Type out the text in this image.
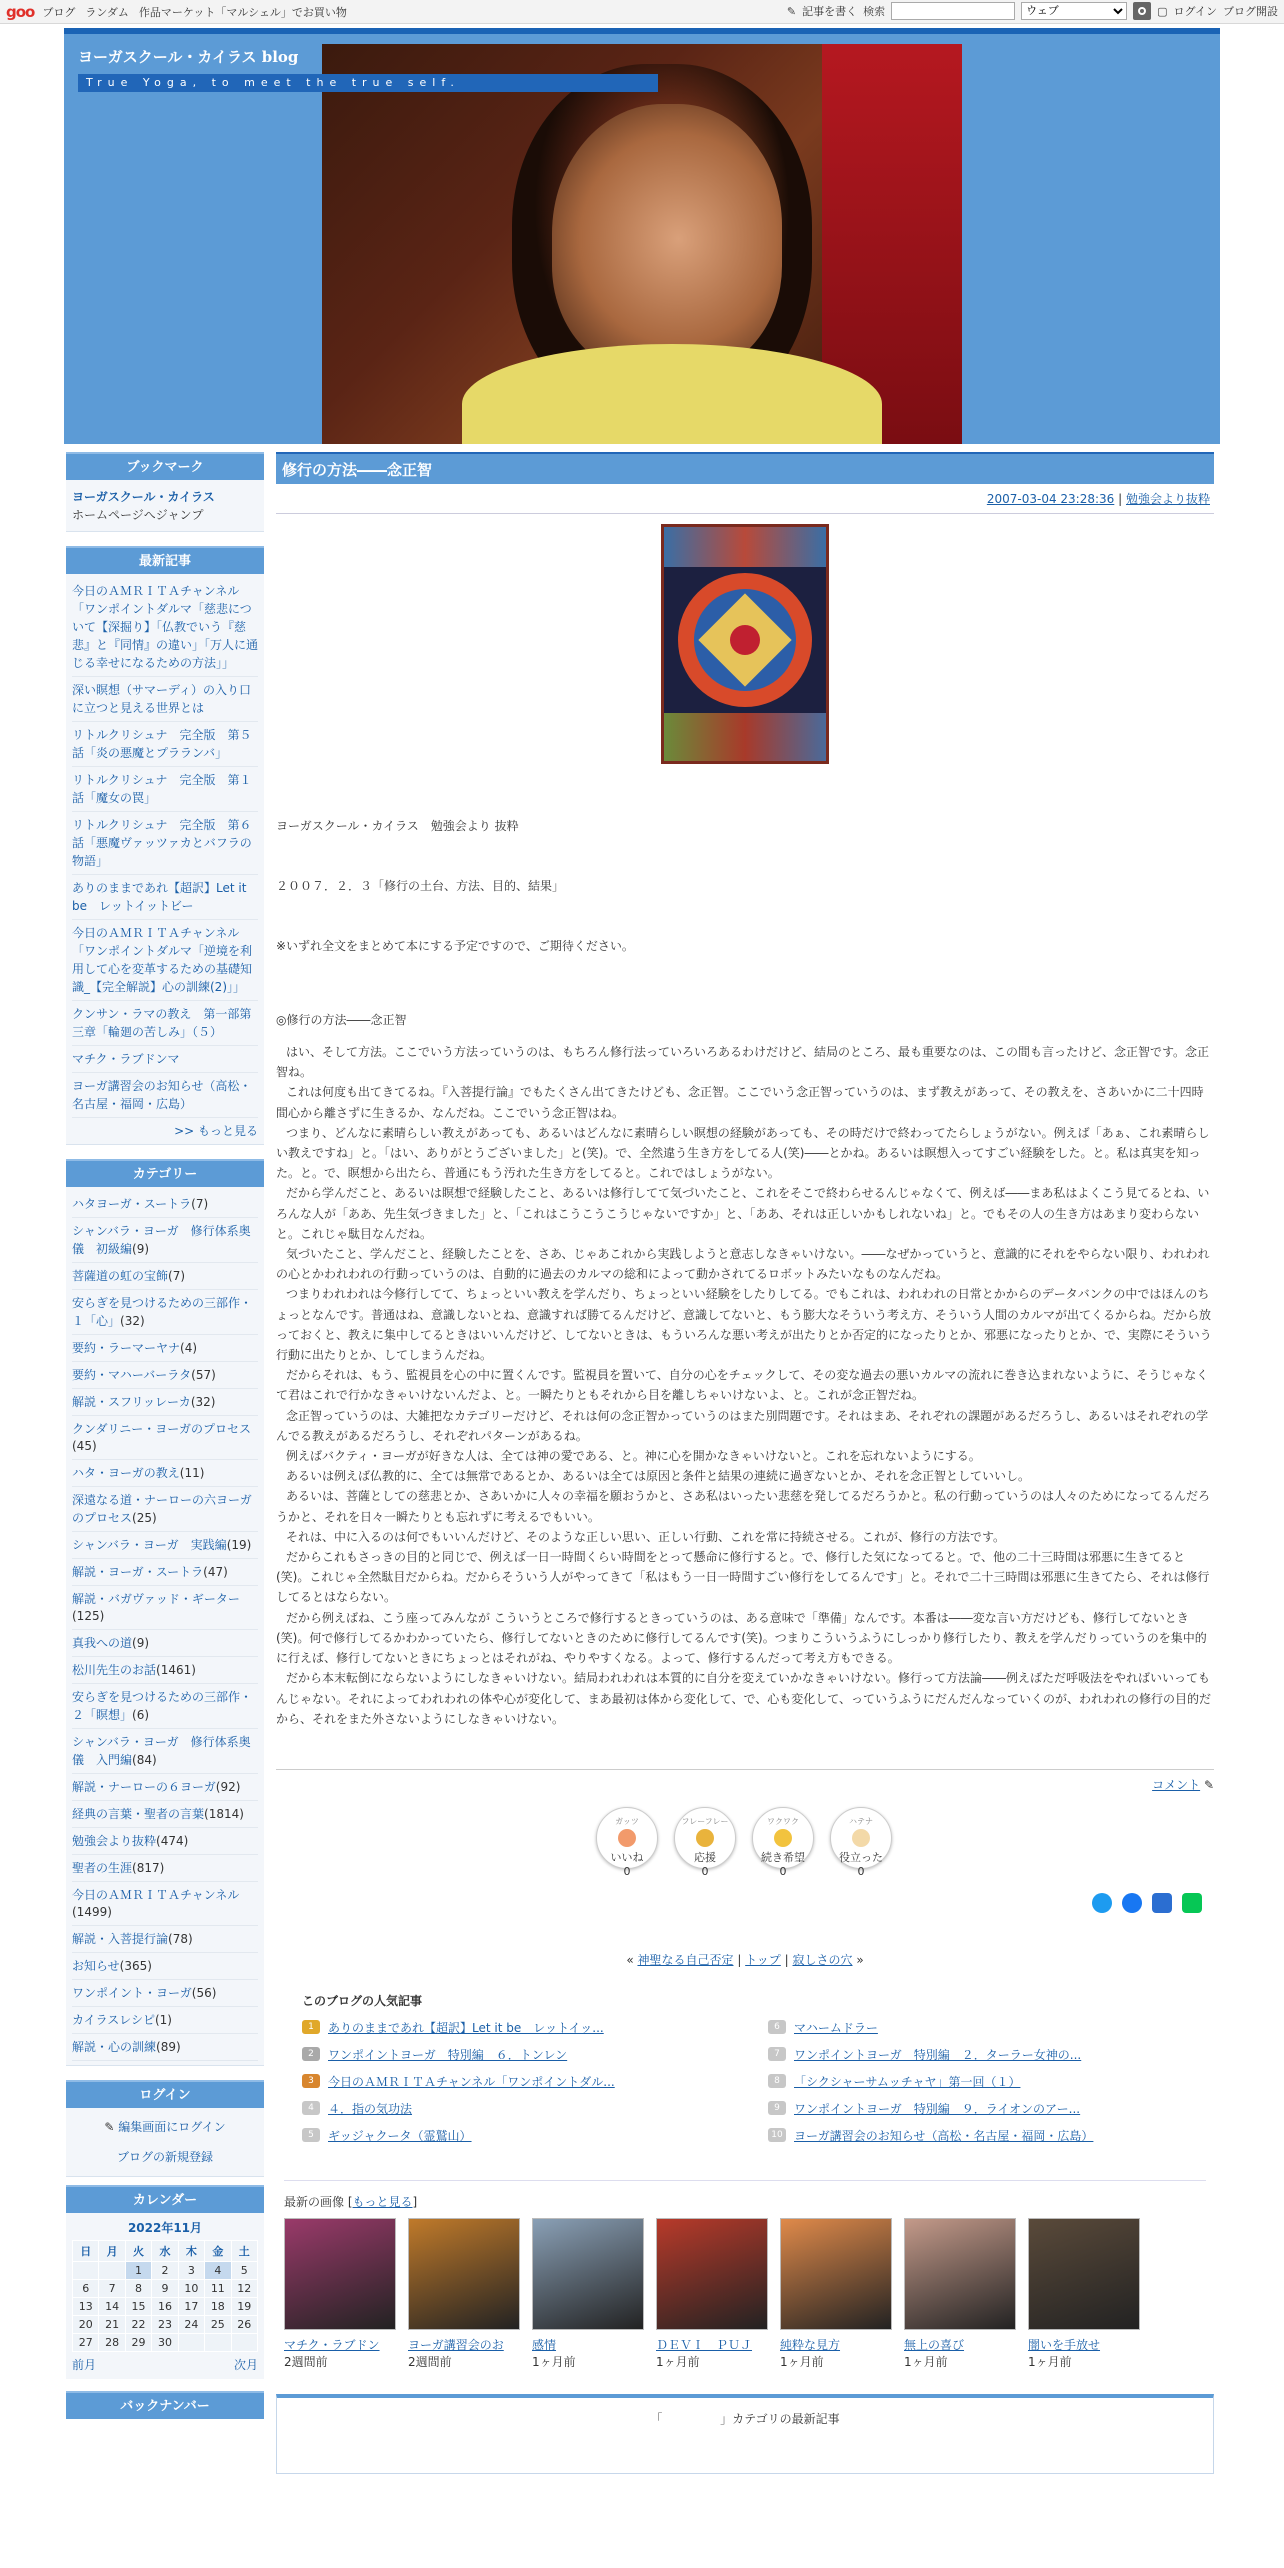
goo ブログ ランダム 作品マーケット「マルシェル」でお買い物	✎ 記事を書く 検索
ウェブ	▢ ログイン ブログ開設
ヨーガスクール・カイラス blog
True Yoga, to meet the true self.
ブックマーク
ヨーガスクール・カイラス
ホームページへジャンプ
最新記事
今日のＡＭＲＩＴＡチャンネル「ワンポイントダルマ「慈悲について【深掘り】「仏教でいう『慈悲』と『同情』の違い」「万人に通じる幸せになるための方法」」
深い瞑想（サマーディ）の入り口に立つと見える世界とは
リトルクリシュナ　完全版　第５話「炎の悪魔とプラランバ」
リトルクリシュナ　完全版　第１話「魔女の罠」
リトルクリシュナ　完全版　第６話「悪魔ヴァッツァカとバフラの物語」
ありのままであれ【超訳】Let it be　レットイットビー
今日のＡＭＲＩＴＡチャンネル「ワンポイントダルマ「逆境を利用して心を変革するための基礎知識_【完全解説】心の訓練(2)」」
クンサン・ラマの教え　第一部第三章「輪廻の苦しみ」（５）
マチク・ラブドンマ
ヨーガ講習会のお知らせ（高松・名古屋・福岡・広島）
>> もっと見る
カテゴリー
ハタヨーガ・スートラ(7)
シャンバラ・ヨーガ　修行体系奥儀　初級編(9)
菩薩道の虹の宝飾(7)
安らぎを見つけるための三部作・１「心」(32)
要約・ラーマーヤナ(4)
要約・マハーバーラタ(57)
解説・スフリッレーカ(32)
クンダリニー・ヨーガのプロセス(45)
ハタ・ヨーガの教え(11)
深遠なる道・ナーローの六ヨーガのプロセス(25)
シャンバラ・ヨーガ　実践編(19)
解説・ヨーガ・スートラ(47)
解説・バガヴァッド・ギーター(125)
真我への道(9)
松川先生のお話(1461)
安らぎを見つけるための三部作・２「瞑想」(6)
シャンバラ・ヨーガ　修行体系奥儀　入門編(84)
解説・ナーローの６ヨーガ(92)
経典の言葉・聖者の言葉(1814)
勉強会より抜粋(474)
聖者の生涯(817)
今日のＡＭＲＩＴＡチャンネル(1499)
解説・入菩提行論(78)
お知らせ(365)
ワンポイント・ヨーガ(56)
カイラスレシピ(1)
解説・心の訓練(89)
ログイン
✎ 編集画面にログイン
ブログの新規登録
カレンダー
2022年11月
日	月	火	水	木	金	土
		1	2	3	4	5
6	7	8	9	10	11	12
13	14	15	16	17	18	19
20	21	22	23	24	25	26
27	28	29	30			
前月	次月
バックナンバー
修行の方法――念正智
2007-03-04 23:28:36 | 勉強会より抜粋
ヨーガスクール・カイラス　勉強会より 抜粋
２００７．２．３「修行の土台、方法、目的、結果」
※いずれ全文をまとめて本にする予定ですので、ご期待ください。
◎修行の方法――念正智

はい、そして方法。ここでいう方法っていうのは、もちろん修行法っていろいろあるわけだけど、結局のところ、最も重要なのは、この間も言ったけど、念正智です。念正智ね。

これは何度も出てきてるね。『入菩提行論』でもたくさん出てきたけども、念正智。ここでいう念正智っていうのは、まず教えがあって、その教えを、さあいかに二十四時間心から離さずに生きるか、なんだね。ここでいう念正智はね。

つまり、どんなに素晴らしい教えがあっても、あるいはどんなに素晴らしい瞑想の経験があっても、その時だけで終わってたらしょうがない。例えば「あぁ、これ素晴らしい教えですね」と。「はい、ありがとうございました」と(笑)。で、全然違う生き方をしてる人(笑)――とかね。あるいは瞑想入ってすごい経験をした。と。私は真実を知った。と。で、瞑想から出たら、普通にもう汚れた生き方をしてると。これではしょうがない。

だから学んだこと、あるいは瞑想で経験したこと、あるいは修行してて気づいたこと、これをそこで終わらせるんじゃなくて、例えば――まあ私はよくこう見てるとね、いろんな人が「ああ、先生気づきました」と、「これはこうこうこうじゃないですか」と、「ああ、それは正しいかもしれないね」と。でもその人の生き方はあまり変わらないと。これじゃ駄目なんだね。

気づいたこと、学んだこと、経験したことを、さあ、じゃあこれから実践しようと意志しなきゃいけない。――なぜかっていうと、意識的にそれをやらない限り、われわれの心とかわれわれの行動っていうのは、自動的に過去のカルマの総和によって動かされてるロボットみたいなものなんだね。

つまりわれわれは今修行してて、ちょっといい教えを学んだり、ちょっといい経験をしたりしてる。でもこれは、われわれの日常とかからのデータバンクの中ではほんのちょっとなんです。普通はね、意識しないとね、意識すれば勝てるんだけど、意識してないと、もう膨大なそういう考え方、そういう人間のカルマが出てくるからね。だから放っておくと、教えに集中してるときはいいんだけど、してないときは、もういろんな悪い考えが出たりとか否定的になったりとか、邪悪になったりとか、で、実際にそういう行動に出たりとか、してしまうんだね。

だからそれは、もう、監視員を心の中に置くんです。監視員を置いて、自分の心をチェックして、その変な過去の悪いカルマの流れに巻き込まれないように、そうじゃなくて君はこれで行かなきゃいけないんだよ、と。一瞬たりともそれから目を離しちゃいけないよ、と。これが念正智だね。

念正智っていうのは、大雑把なカテゴリーだけど、それは何の念正智かっていうのはまた別問題です。それはまあ、それぞれの課題があるだろうし、あるいはそれぞれの学んでる教えがあるだろうし、それぞれパターンがあるね。

例えばバクティ・ヨーガが好きな人は、全ては神の愛である、と。神に心を開かなきゃいけないと。これを忘れないようにする。

あるいは例えば仏教的に、全ては無常であるとか、あるいは全ては原因と条件と結果の連続に過ぎないとか、それを念正智としていいし。

あるいは、菩薩としての慈悲とか、さあいかに人々の幸福を願おうかと、さあ私はいったい悲慈を発してるだろうかと。私の行動っていうのは人々のためになってるんだろうかと、それを日々一瞬たりとも忘れずに考えるでもいい。

それは、中に入るのは何でもいいんだけど、そのような正しい思い、正しい行動、これを常に持続させる。これが、修行の方法です。

だからこれもさっきの目的と同じで、例えば一日一時間くらい時間をとって懸命に修行すると。で、修行した気になってると。で、他の二十三時間は邪悪に生きてると(笑)。これじゃ全然駄目だからね。だからそういう人がやってきて「私はもう一日一時間すごい修行をしてるんです」と。それで二十三時間は邪悪に生きてたら、それは修行してるとはならない。

だから例えばね、こう座ってみんなが こういうところで修行するときっていうのは、ある意味で「準備」なんです。本番は――変な言い方だけども、修行してないとき(笑)。何で修行してるかわかっていたら、修行してないときのために修行してるんです(笑)。つまりこういうふうにしっかり修行したり、教えを学んだりっていうのを集中的に行えば、修行してないときにちょっとはそれがね、やりやすくなる。よって、修行するんだって考え方もできる。

だから本末転倒にならないようにしなきゃいけない。結局われわれは本質的に自分を変えていかなきゃいけない。修行って方法論――例えばただ呼吸法をやればいいってもんじゃない。それによってわれわれの体や心が変化して、まあ最初は体から変化して、で、心も変化して、っていうふうにだんだんなっていくのが、われわれの修行の目的だから、それをまた外さないようにしなきゃいけない。

コメント ✎
ガッツ
いいね
0
フレーフレー
応援
0
ワクワク
続き希望
0
ハテナ
役立った
0
« 神聖なる自己否定 | トップ | 寂しさの穴 »
このブログの人気記事
1	ありのままであれ【超訳】Let it be　レットイッ...	6	マハームドラー
2	ワンポイントヨーガ　特別編　６．トンレン	7	ワンポイントヨーガ　特別編　２．ターラー女神の...
3	今日のＡＭＲＩＴＡチャンネル「ワンポイントダル...	8	「シクシャーサムッチャヤ」第一回（１）
4	４．指の気功法	9	ワンポイントヨーガ　特別編　９．ライオンのアー...
5	ギッジャクータ（霊鷲山）	10 ヨーガ講習会のお知らせ（高松・名古屋・福岡・広島）
最新の画像 [もっと見る]
マチク・ラブドン
2週間前
ヨーガ講習会のお
2週間前
感情
1ヶ月前
ＤＥＶＩ　ＰＵＪ
1ヶ月前
純粋な見方
1ヶ月前
無上の喜び
1ヶ月前
闇いを手放せ
1ヶ月前
「	」カテゴリの最新記事
